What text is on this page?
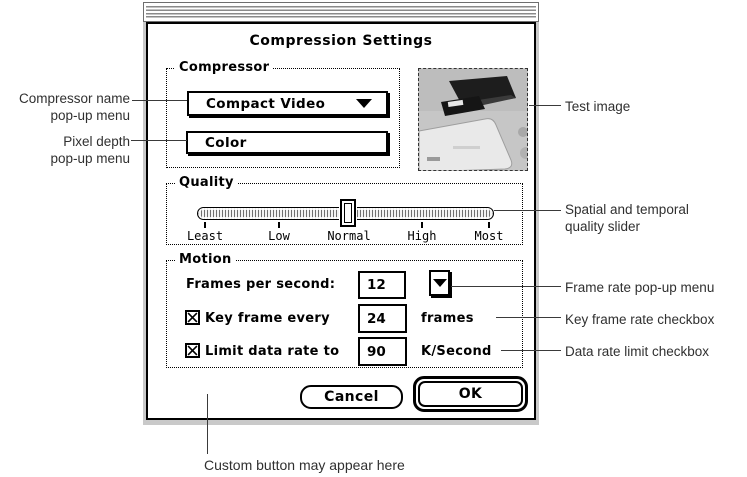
Compression Settings
Compressor
Compact Video
Color
Quality
Least	Low	Normal	High	Most
Motion
Frames per second: 12
Key frame every	24	frames
Limit data rate to 90	K/Second
Cancel	OK
Compressor name
pop-up menu
Pixel depth
pop-up menu
Test image
Spatial and temporal
quality slider
Frame rate pop-up menu
Key frame rate checkbox
Data rate limit checkbox
Custom button may appear here
